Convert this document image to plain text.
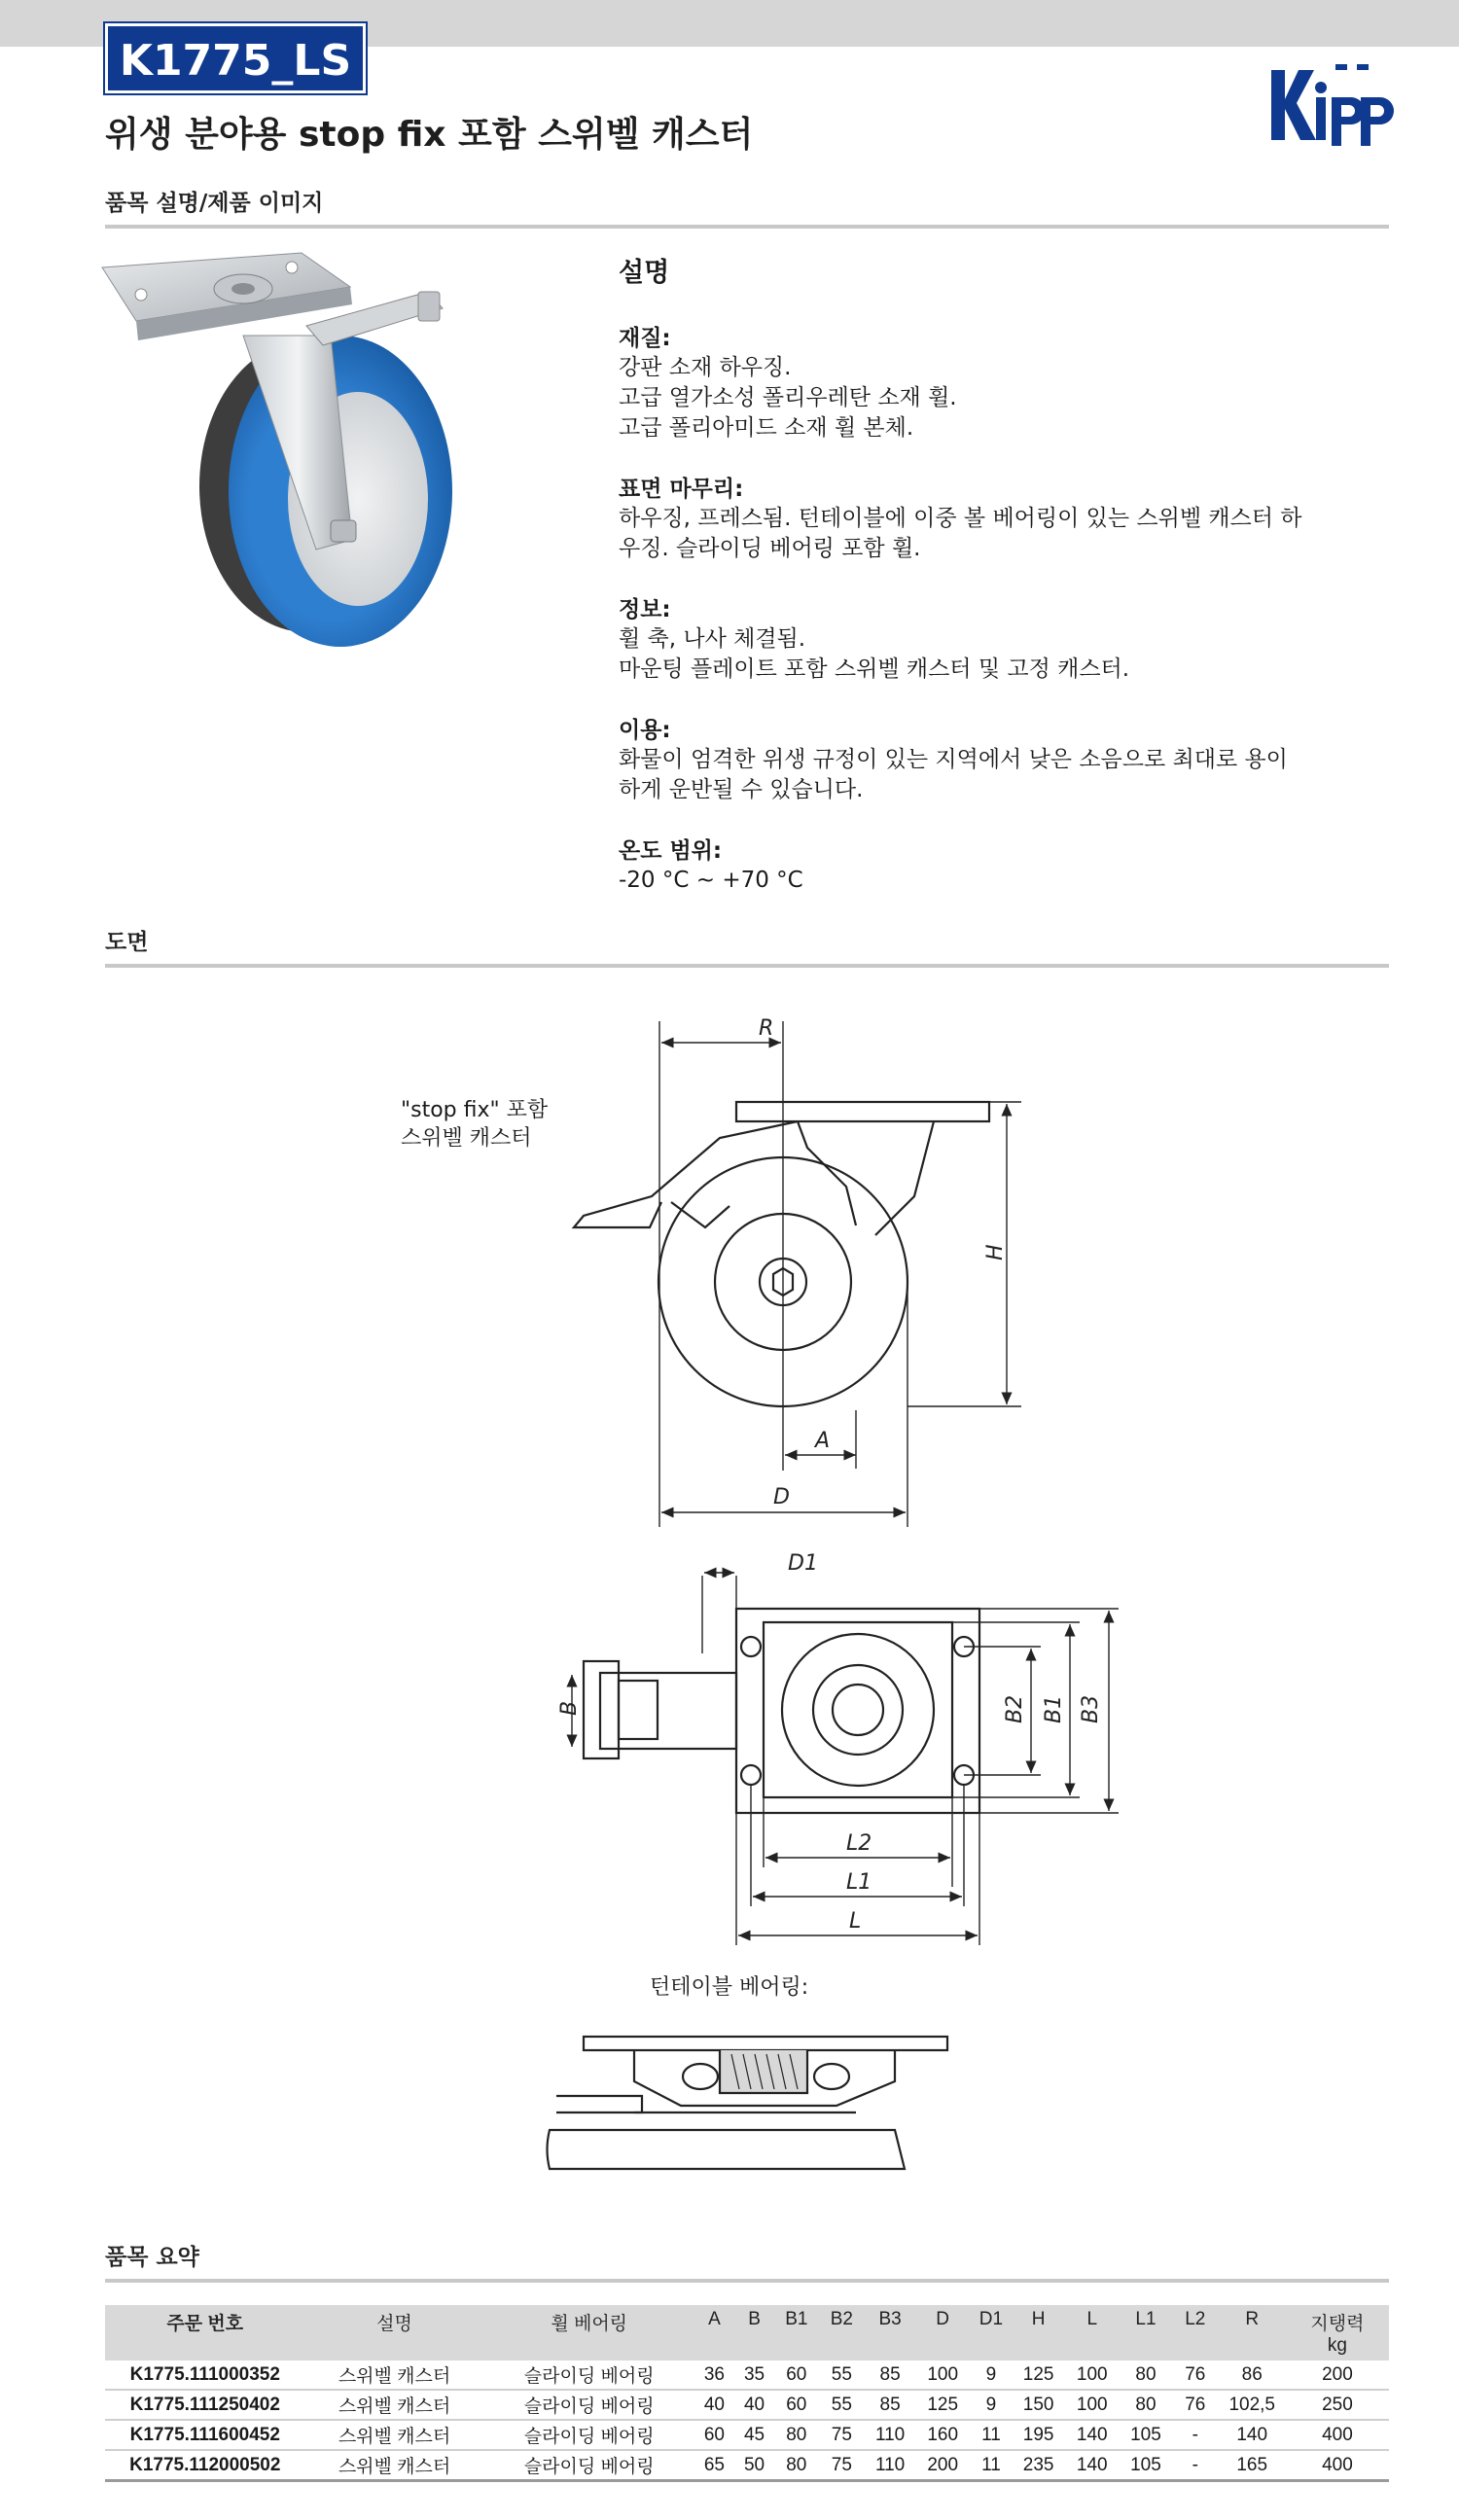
K1775_LS
위생 분야용 stop fix 포함 스위벨 캐스터
품목 설명/제품 이미지
설명
재질:
강판 소재 하우징.
고급 열가소성 폴리우레탄 소재 휠.
고급 폴리아미드 소재 휠 본체.
표면 마무리:
하우징, 프레스됨. 턴테이블에 이중 볼 베어링이 있는 스위벨 캐스터 하
우징. 슬라이딩 베어링 포함 휠.
정보:
휠 축, 나사 체결됨.
마운팅 플레이트 포함 스위벨 캐스터 및 고정 캐스터.
이용:
화물이 엄격한 위생 규정이 있는 지역에서 낮은 소음으로 최대로 용이
하게 운반될 수 있습니다.
온도 범위:
-20 °C ~ +70 °C
도면
"stop fix" 포함
스위벨 캐스터
턴테이블 베어링:
R
H
A
D
D1
B	B3
B1
B2
L2
L1
L
품목 요약
주문 번호	설명	휠 베어링	A	B	B1	B2	B3	D	D1	H	L	L1	L2	R	지탱력
kg
K1775.111000352	스위벨 캐스터	슬라이딩 베어링	36	35	60	55	85	100	9	125	100	80	76	86	200
K1775.111250402	스위벨 캐스터	슬라이딩 베어링	40	40	60	55	85	125	9	150	100	80	76	102,5	250
K1775.111600452	스위벨 캐스터	슬라이딩 베어링	60	45	80	75	110	160	11	195	140	105	-	140	400
K1775.112000502	스위벨 캐스터	슬라이딩 베어링	65	50	80	75	110	200	11	235	140	105	-	165	400
